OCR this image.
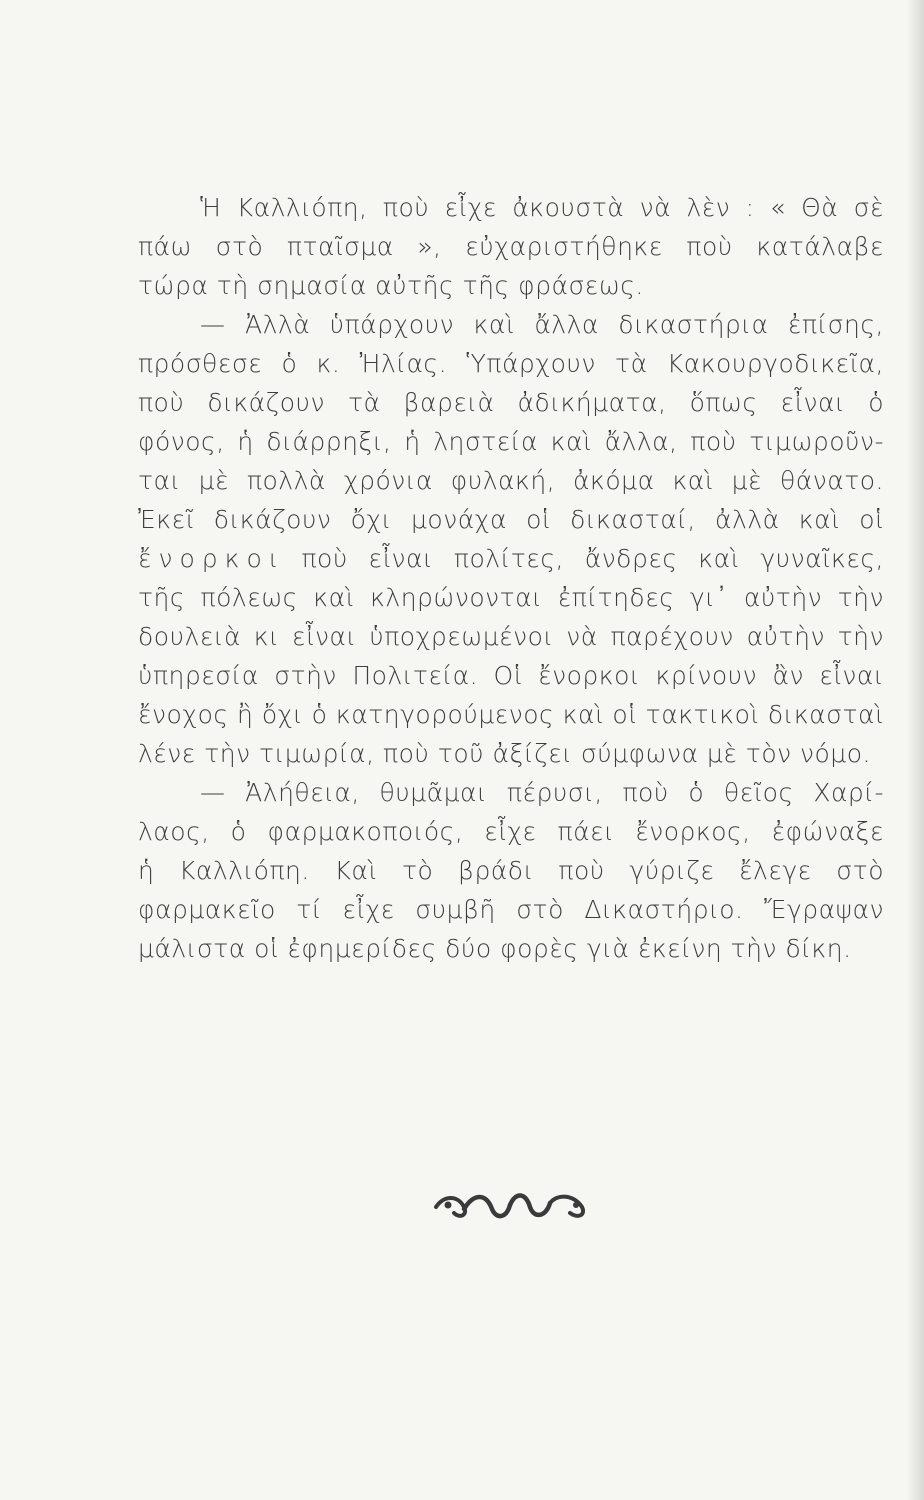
Ἡ Καλλιόπη, ποὺ εἶχε ἀκουστὰ νὰ λὲν : « Θὰ σὲ
πάω στὸ πταῖσμα », εὐχαριστήθηκε ποὺ κατάλαβε
τώρα τὴ σημασία αὐτῆς τῆς φράσεως.
— Ἀλλὰ ὑπάρχουν καὶ ἄλλα δικαστήρια ἐπίσης,
πρόσθεσε ὁ κ. Ἠλίας. Ὑπάρχουν τὰ Κακουργοδικεῖα,
ποὺ δικάζουν τὰ βαρειὰ ἀδικήματα, ὅπως εἶναι ὁ
φόνος, ἡ διάρρηξι, ἡ ληστεία καὶ ἄλλα, ποὺ τιμωροῦν-
ται μὲ πολλὰ χρόνια φυλακή, ἀκόμα καὶ μὲ θάνατο.
Ἐκεῖ δικάζουν ὄχι μονάχα οἱ δικασταί, ἀλλὰ καὶ οἱ
ἔνορκοι ποὺ εἶναι πολίτες, ἄνδρες καὶ γυναῖκες,
τῆς πόλεως καὶ κληρώνονται ἐπίτηδες γι᾽ αὐτὴν τὴν
δουλειὰ κι εἶναι ὑποχρεωμένοι νὰ παρέχουν αὐτὴν τὴν
ὑπηρεσία στὴν Πολιτεία. Οἱ ἔνορκοι κρίνουν ἂν εἶναι
ἔνοχος ἢ ὄχι ὁ κατηγορούμενος καὶ οἱ τακτικοὶ δικασταὶ
λένε τὴν τιμωρία, ποὺ τοῦ ἀξίζει σύμφωνα μὲ τὸν νόμο.
— Ἀλήθεια, θυμᾶμαι πέρυσι, ποὺ ὁ θεῖος Χαρί-
λαος, ὁ φαρμακοποιός, εἶχε πάει ἔνορκος, ἐφώναξε
ἡ Καλλιόπη. Καὶ τὸ βράδι ποὺ γύριζε ἔλεγε στὸ
φαρμακεῖο τί εἶχε συμβῆ στὸ Δικαστήριο. Ἔγραψαν
μάλιστα οἱ ἐφημερίδες δύο φορὲς γιὰ ἐκείνη τὴν δίκη.
